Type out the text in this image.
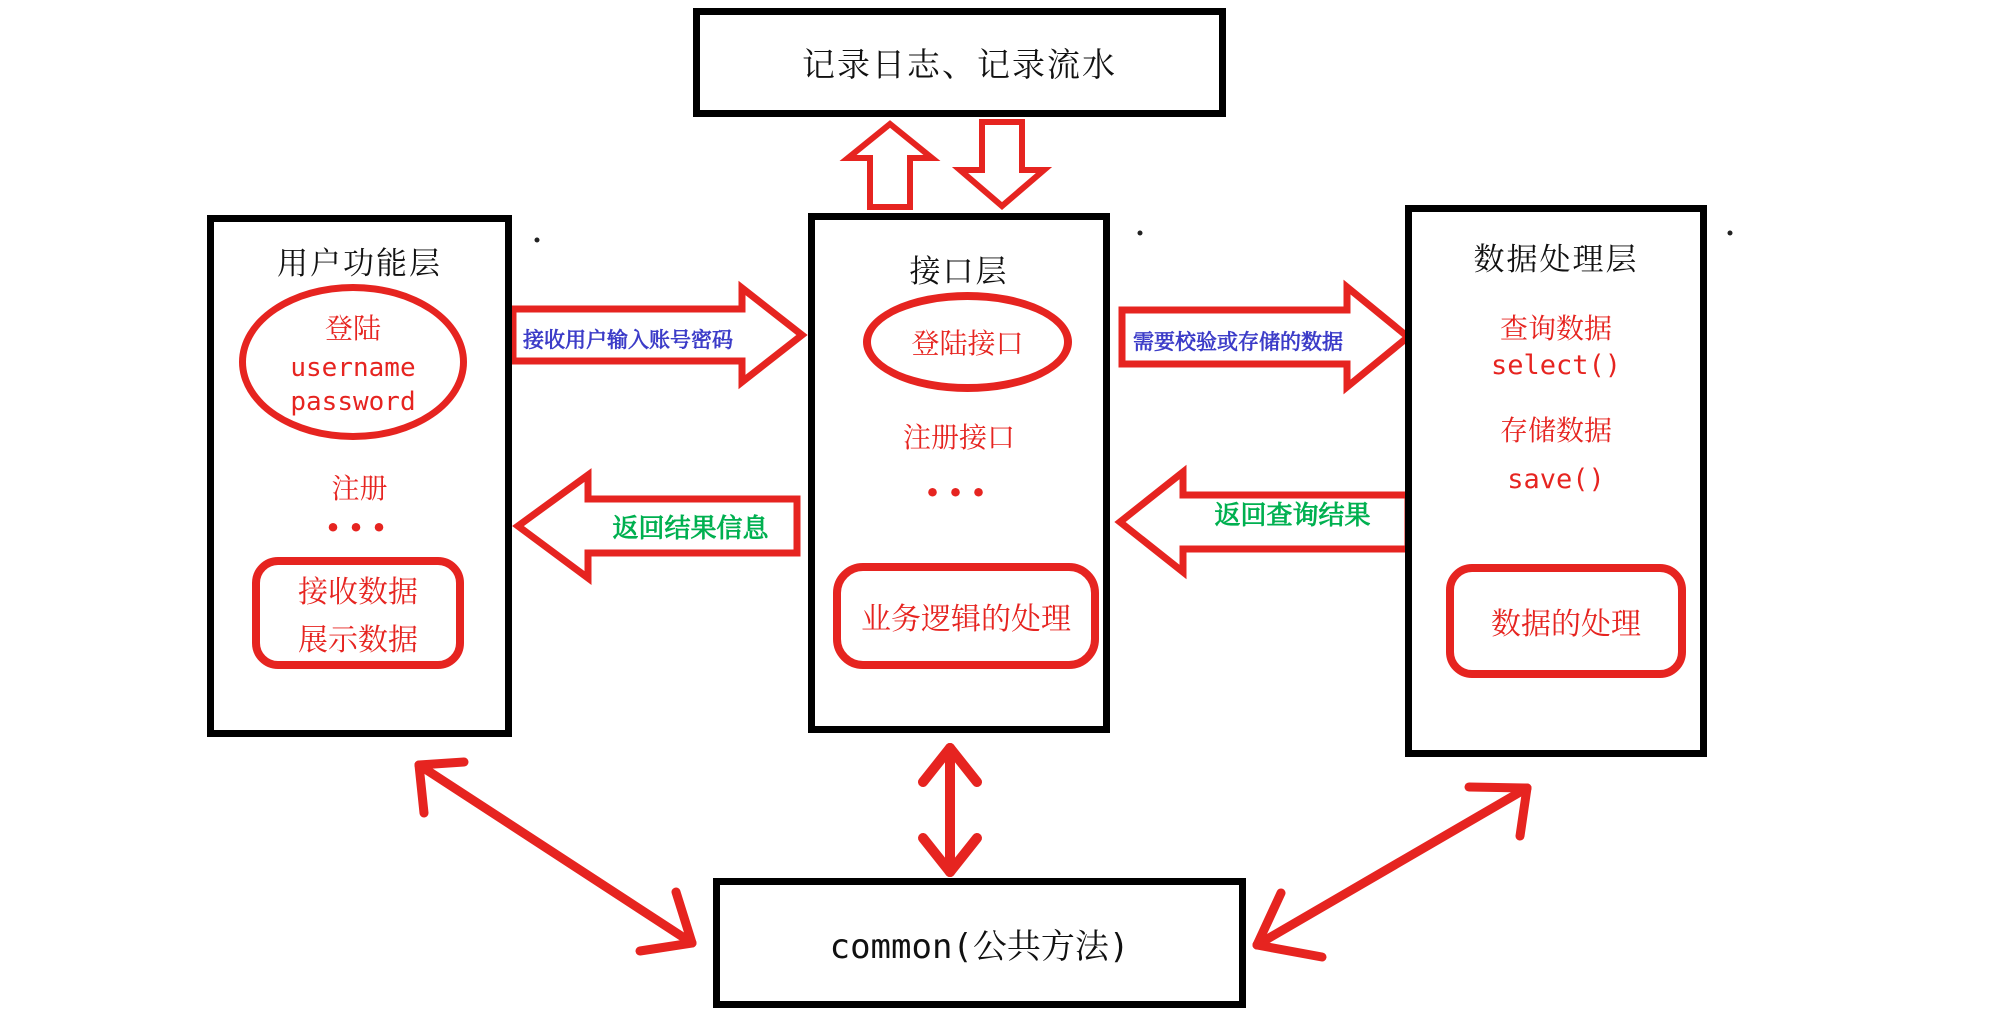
记录日志、记录流水
用户功能层
登陆
username
password
注册
···
接收数据
展示数据
接口层
登陆接口
注册接口
···
业务逻辑的处理
数据处理层
查询数据
select()
存储数据
save()
数据的处理
common(公共方法)
接收用户输入账号密码	需要校验或存储的数据
返回查询结果
返回结果信息
